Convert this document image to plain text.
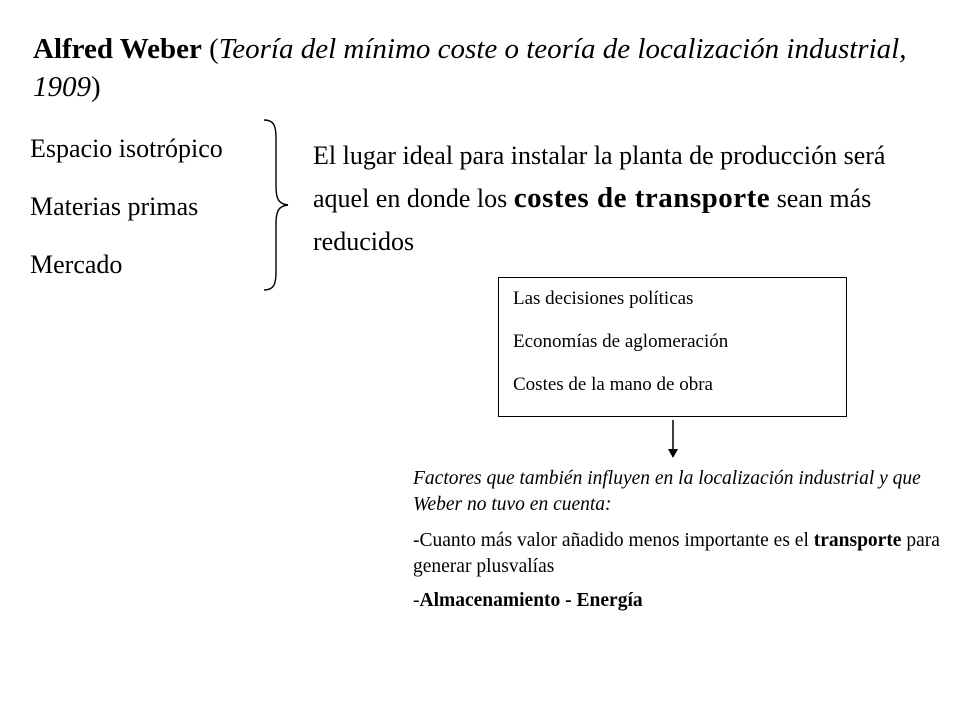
Alfred Weber (Teoría del mínimo coste o teoría de localización industrial, 1909)
Espacio isotrópico
Materias primas
Mercado
El lugar ideal para instalar la planta de producción será aquel en donde los costes de transporte sean más reducidos
Las decisiones políticas
Economías de aglomeración
Costes de la mano de obra
Factores que también influyen en la localización industrial y que Weber no tuvo en cuenta:
-Cuanto más valor añadido menos importante es el transporte para generar plusvalías
-Almacenamiento - Energía
